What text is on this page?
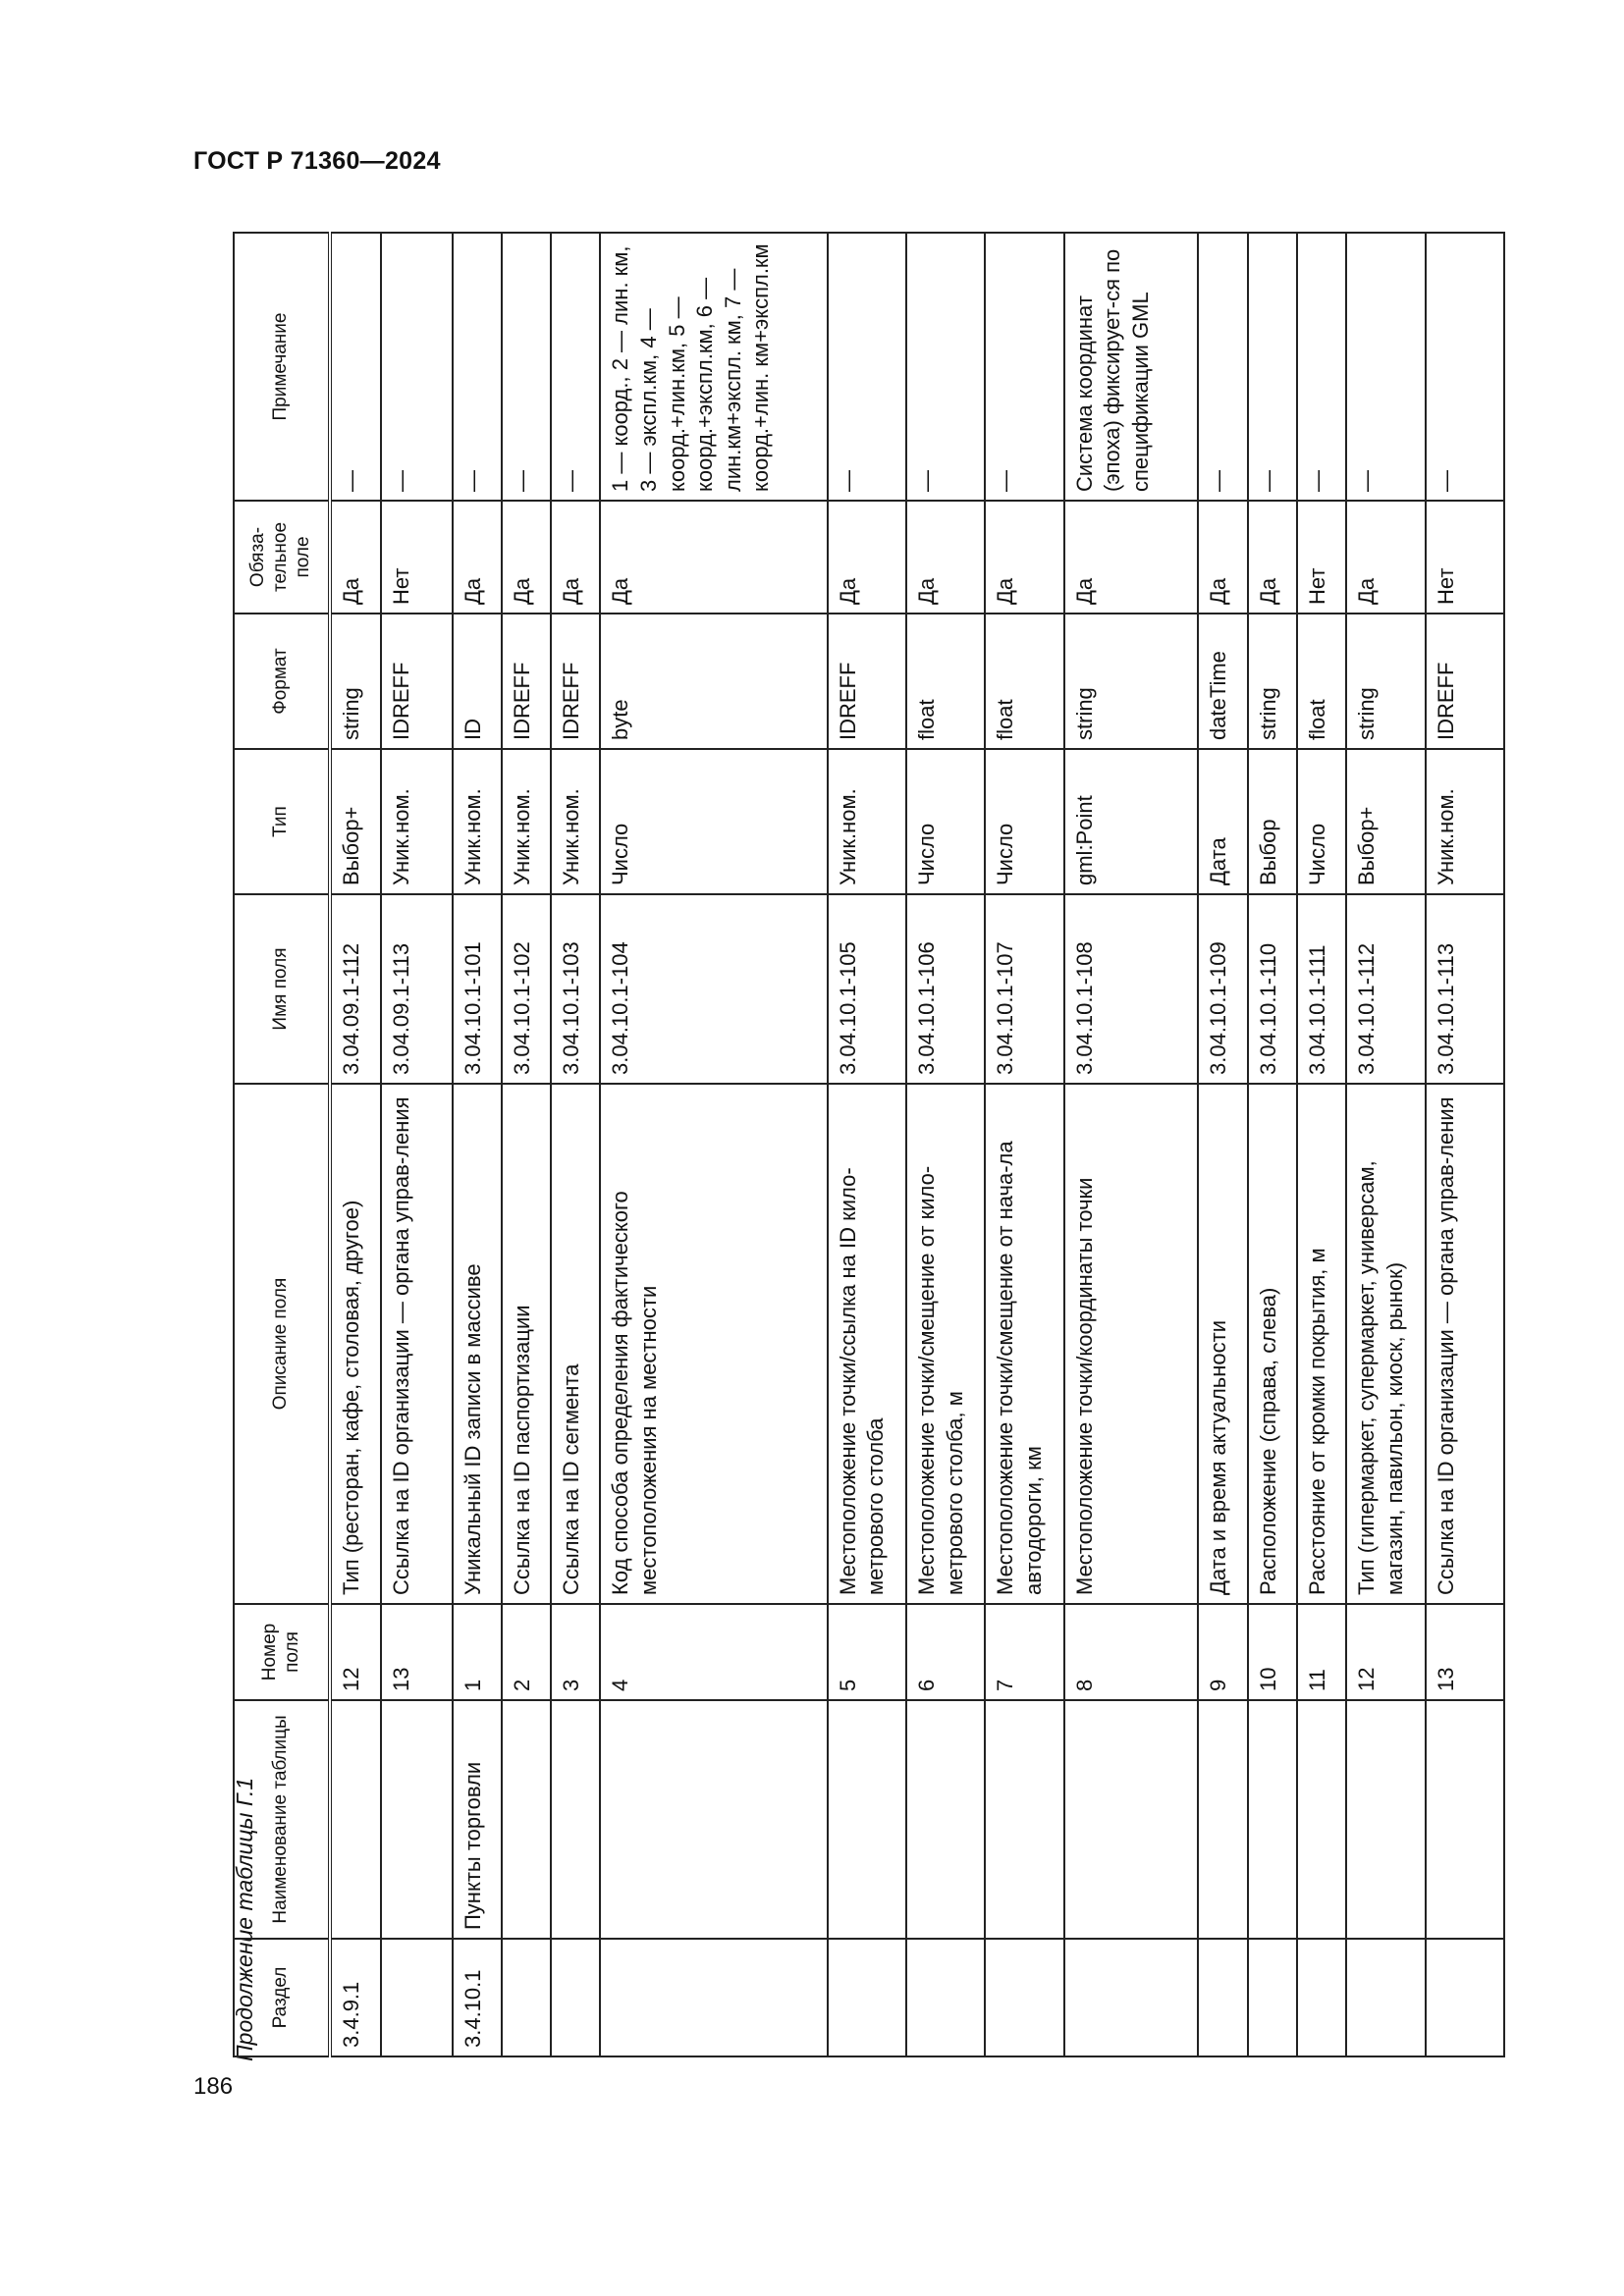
ГОСТ Р 71360—2024
Продолжение таблицы Г.1
186
Раздел	Наименование таблицы	Номер поля	Описание поля	Имя поля	Тип	Формат	Обяза-тельное поле	Примечание
3.4.9.1		12	Тип (ресторан, кафе, столовая, другое)	3.04.09.1-112	Выбор+	string	Да	—
		13	Ссылка на ID организации — органа управ-ления	3.04.09.1-113	Уник.ном.	IDREFF	Нет	—
3.4.10.1	Пункты торговли	1	Уникальный ID записи в массиве	3.04.10.1-101	Уник.ном.	ID	Да	—
		2	Ссылка на ID паспортизации	3.04.10.1-102	Уник.ном.	IDREFF	Да	—
		3	Ссылка на ID сегмента	3.04.10.1-103	Уник.ном.	IDREFF	Да	—
		4	Код способа определения фактического местоположения на местности	3.04.10.1-104	Число	byte	Да	1 — коорд., 2 — лин. км, 3 — экспл.км, 4 — коорд.+лин.км, 5 — коорд.+экспл.км, 6 — лин.км+экспл. км, 7 — коорд.+лин. км+экспл.км
		5	Местоположение точки/ссылка на ID кило-метрового столба	3.04.10.1-105	Уник.ном.	IDREFF	Да	—
		6	Местоположение точки/смещение от кило-метрового столба, м	3.04.10.1-106	Число	float	Да	—
		7	Местоположение точки/смещение от нача-ла автодороги, км	3.04.10.1-107	Число	float	Да	—
		8	Местоположение точки/координаты точки	3.04.10.1-108	gml:Point	string	Да	Система координат (эпоха) фиксирует-ся по спецификации GML
		9	Дата и время актуальности	3.04.10.1-109	Дата	dateTime	Да	—
		10	Расположение (справа, слева)	3.04.10.1-110	Выбор	string	Да	—
		11	Расстояние от кромки покрытия, м	3.04.10.1-111	Число	float	Нет	—
		12	Тип (гипермаркет, супермаркет, универсам, магазин, павильон, киоск, рынок)	3.04.10.1-112	Выбор+	string	Да	—
		13	Ссылка на ID организации — органа управ-ления	3.04.10.1-113	Уник.ном.	IDREFF	Нет	—
